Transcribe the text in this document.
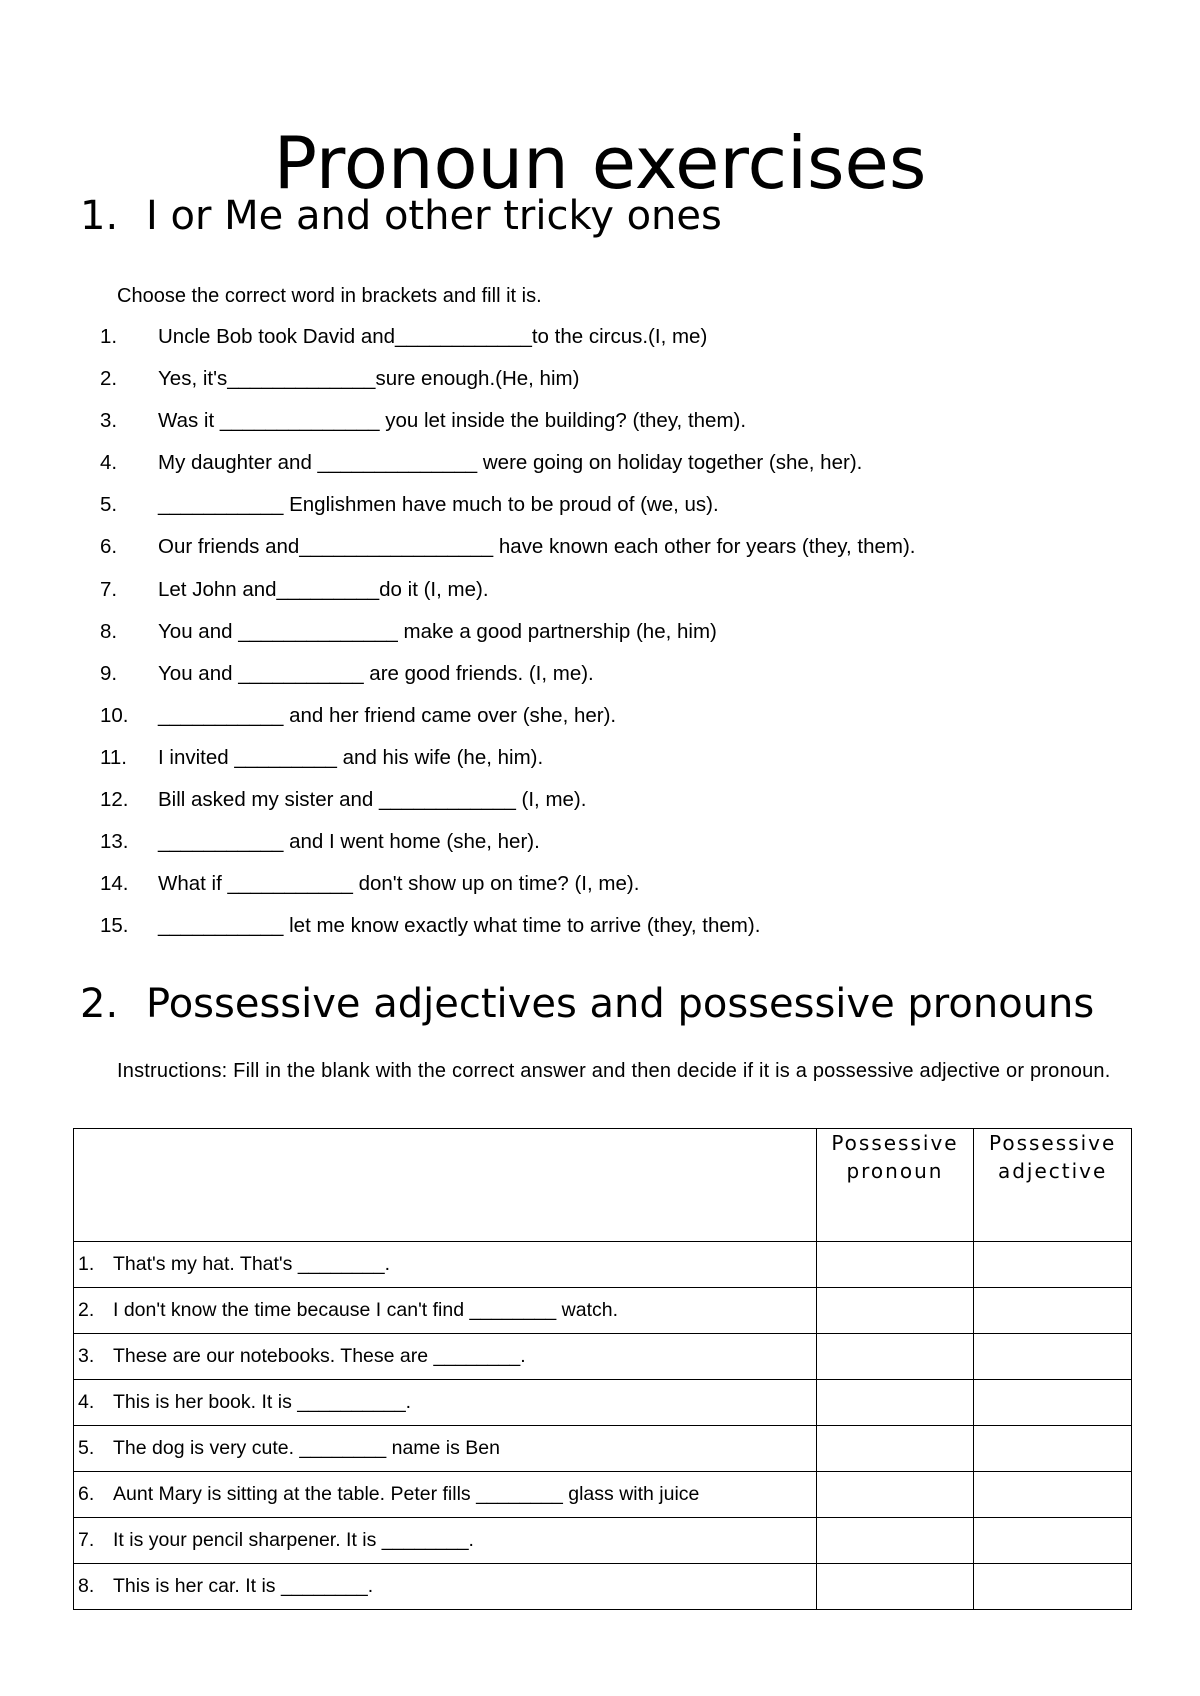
Pronoun exercises
1. I or Me and other tricky ones
Choose the correct word in brackets and fill it is.
1. Uncle Bob took David and____________to the circus.(I, me)
2. Yes, it's_____________sure enough.(He, him)
3. Was it ______________ you let inside the building? (they, them).
4. My daughter and ______________ were going on holiday together (she, her).
5. ___________ Englishmen have much to be proud of (we, us).
6. Our friends and_________________ have known each other for years (they, them).
7. Let John and_________do it (I, me).
8. You and ______________ make a good partnership (he, him)
9. You and ___________ are good friends. (I, me).
10. ___________ and her friend came over (she, her).
11. I invited _________ and his wife (he, him).
12. Bill asked my sister and ____________ (I, me).
13. ___________ and I went home (she, her).
14. What if ___________ don't show up on time? (I, me).
15. ___________ let me know exactly what time to arrive (they, them).
2. Possessive adjectives and possessive pronouns
Instructions: Fill in the blank with the correct answer and then decide if it is a possessive adjective or pronoun.

	Possessive pronoun	Possessive adjective

1. That's my hat. That's ________.		
2. I don't know the time because I can't find ________ watch.		
3. These are our notebooks. These are ________.		
4. This is her book. It is __________.		
5. The dog is very cute. ________ name is Ben		
6. Aunt Mary is sitting at the table. Peter fills ________ glass with juice		
7. It is your pencil sharpener. It is ________.		
8. This is her car. It is ________.		
